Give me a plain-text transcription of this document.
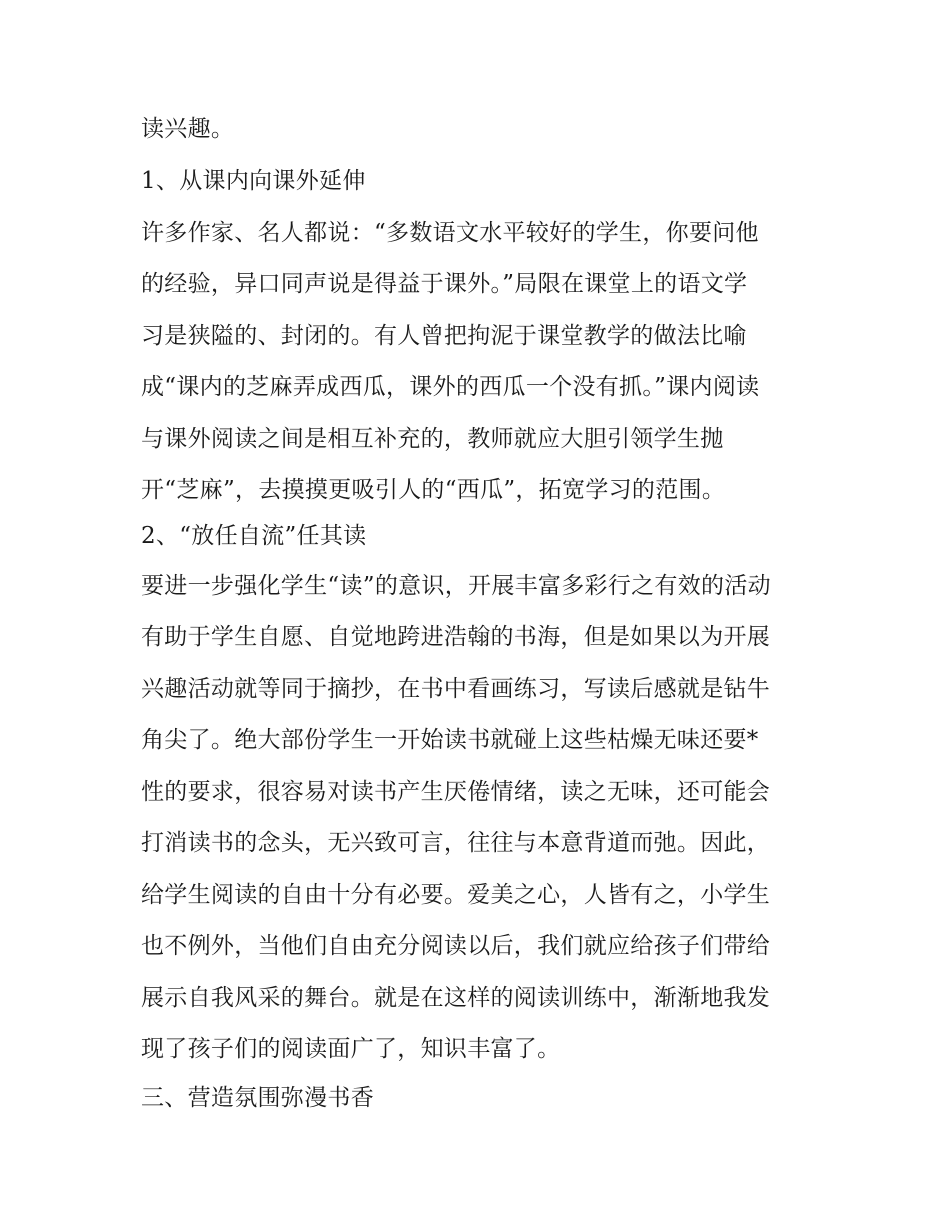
读兴趣。
1、从课内向课外延伸
许多作家、名人都说：“多数语文水平较好的学生，你要问他
的经验，异口同声说是得益于课外。”局限在课堂上的语文学
习是狭隘的、封闭的。有人曾把拘泥于课堂教学的做法比喻
成“课内的芝麻弄成西瓜，课外的西瓜一个没有抓。”课内阅读
与课外阅读之间是相互补充的，教师就应大胆引领学生抛
开“芝麻”，去摸摸更吸引人的“西瓜”，拓宽学习的范围。
2、“放任自流”任其读
要进一步强化学生“读”的意识，开展丰富多彩行之有效的活动
有助于学生自愿、自觉地跨进浩翰的书海，但是如果以为开展
兴趣活动就等同于摘抄，在书中看画练习，写读后感就是钻牛
角尖了。绝大部份学生一开始读书就碰上这些枯燥无味还要*
性的要求，很容易对读书产生厌倦情绪，读之无味，还可能会
打消读书的念头，无兴致可言，往往与本意背道而弛。因此，
给学生阅读的自由十分有必要。爱美之心，人皆有之，小学生
也不例外，当他们自由充分阅读以后，我们就应给孩子们带给
展示自我风采的舞台。就是在这样的阅读训练中，渐渐地我发
现了孩子们的阅读面广了，知识丰富了。
三、营造氛围弥漫书香
